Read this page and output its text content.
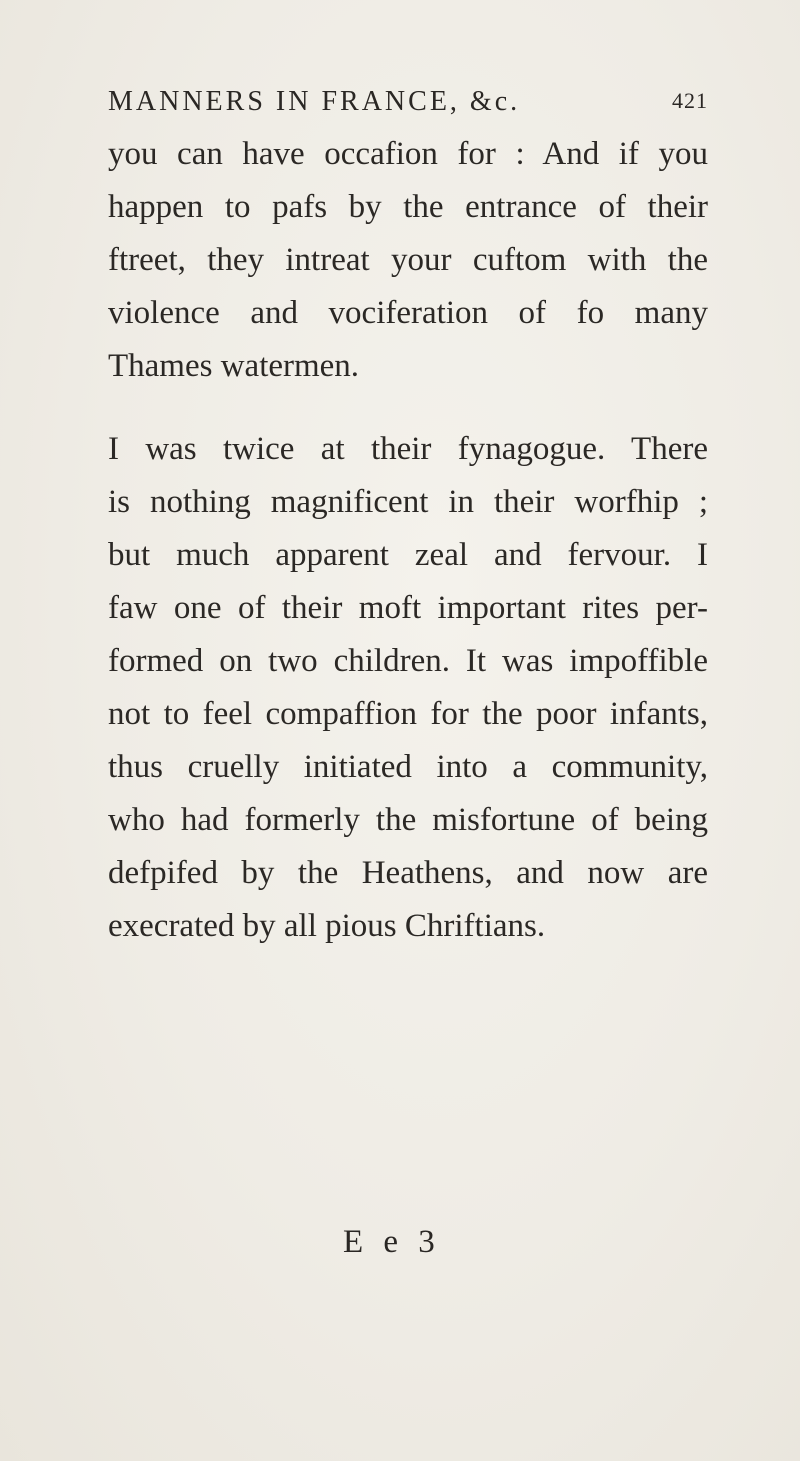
MANNERS IN FRANCE, &c.	421
you can have occafion for : And if you
happen to pafs by the entrance of their
ftreet, they intreat your cuftom with the
violence and vociferation of fo many
Thames watermen.
I was twice at their fynagogue. There
is nothing magnificent in their worfhip ;
but much apparent zeal and fervour. I
faw one of their moft important rites per-
formed on two children. It was impoffible
not to feel compaffion for the poor infants,
thus cruelly initiated into a community,
who had formerly the misfortune of being
defpifed by the Heathens, and now are
execrated by all pious Chriftians.
E e 3
